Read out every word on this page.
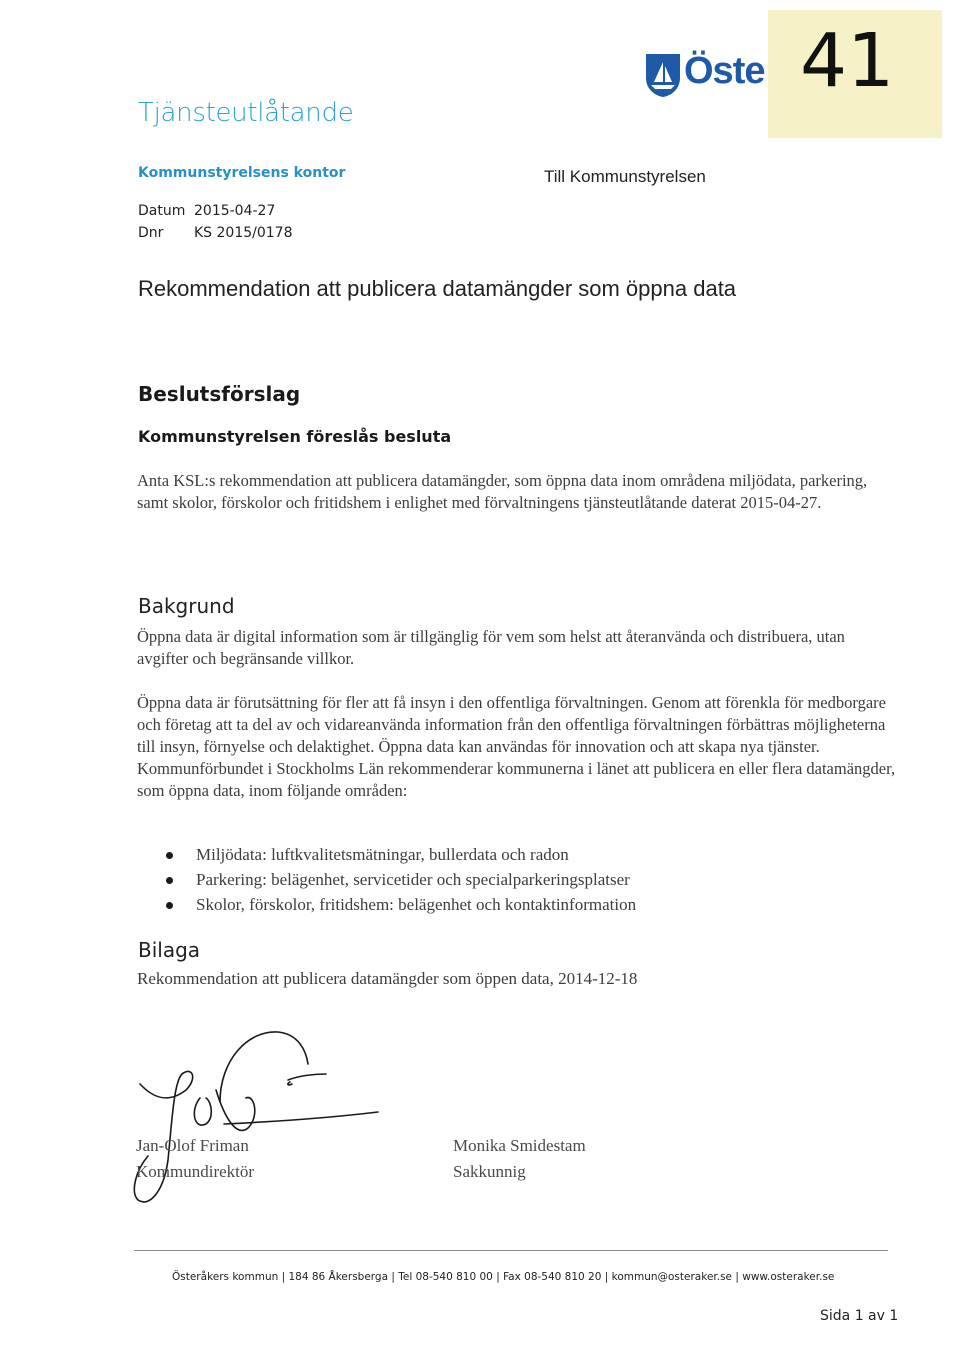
41
Öste
Tjänsteutlåtande
Kommunstyrelsens kontor	Till Kommunstyrelsen
Datum 2015-04-27
Dnr KS 2015/0178
Rekommendation att publicera datamängder som öppna data
Beslutsförslag
Kommunstyrelsen föreslås besluta
Anta KSL:s rekommendation att publicera datamängder, som öppna data inom områdena miljödata, parkering, samt skolor, förskolor och fritidshem i enlighet med förvaltningens tjänsteutlåtande daterat 2015-04-27.
Bakgrund
Öppna data är digital information som är tillgänglig för vem som helst att återanvända och distribuera, utan avgifter och begränsande villkor.
Öppna data är förutsättning för fler att få insyn i den offentliga förvaltningen. Genom att förenkla för medborgare och företag att ta del av och vidareanvända information från den offentliga förvaltningen förbättras möjligheterna till insyn, förnyelse och delaktighet. Öppna data kan användas för innovation och att skapa nya tjänster. Kommunförbundet i Stockholms Län rekommenderar kommunerna i länet att publicera en eller flera datamängder, som öppna data, inom följande områden:
Miljödata: luftkvalitetsmätningar, bullerdata och radon
Parkering: belägenhet, servicetider och specialparkeringsplatser
Skolor, förskolor, fritidshem: belägenhet och kontaktinformation
Bilaga
Rekommendation att publicera datamängder som öppen data, 2014-12-18
Jan-Olof Friman
Kommundirektör
Monika Smidestam
Sakkunnig
Österåkers kommun | 184 86 Åkersberga | Tel 08-540 810 00 | Fax 08-540 810 20 | kommun@osteraker.se | www.osteraker.se
Sida 1 av 1
